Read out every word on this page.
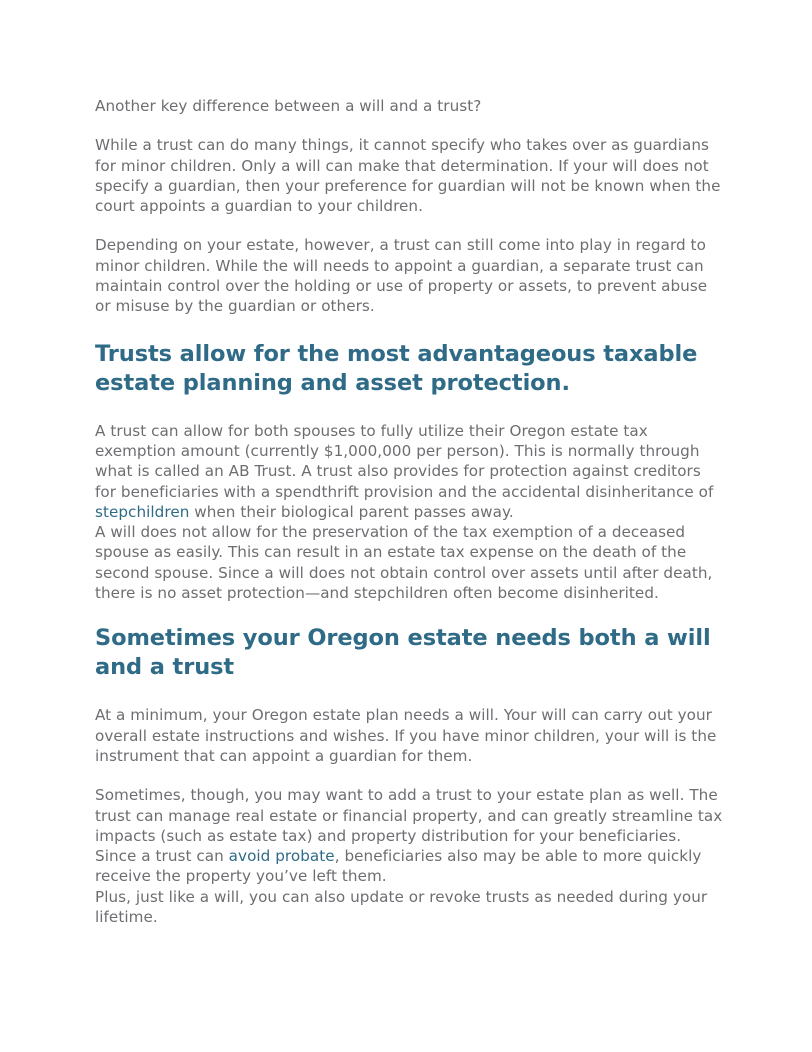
Another key difference between a will and a trust?

While a trust can do many things, it cannot specify who takes over as guardians for minor children. Only a will can make that determination. If your will does not specify a guardian, then your preference for guardian will not be known when the court appoints a guardian to your children.

Depending on your estate, however, a trust can still come into play in regard to minor children. While the will needs to appoint a guardian, a separate trust can maintain control over the holding or use of property or assets, to prevent abuse or misuse by the guardian or others.

Trusts allow for the most advantageous taxable estate planning and asset protection.

A trust can allow for both spouses to fully utilize their Oregon estate tax exemption amount (currently $1,000,000 per person). This is normally through what is called an AB Trust. A trust also provides for protection against creditors for beneficiaries with a spendthrift provision and the accidental disinheritance of stepchildren when their biological parent passes away.

A will does not allow for the preservation of the tax exemption of a deceased spouse as easily. This can result in an estate tax expense on the death of the second spouse. Since a will does not obtain control over assets until after death, there is no asset protection—and stepchildren often become disinherited.

Sometimes your Oregon estate needs both a will and a trust

At a minimum, your Oregon estate plan needs a will. Your will can carry out your overall estate instructions and wishes. If you have minor children, your will is the instrument that can appoint a guardian for them.

Sometimes, though, you may want to add a trust to your estate plan as well. The trust can manage real estate or financial property, and can greatly streamline tax impacts (such as estate tax) and property distribution for your beneficiaries. Since a trust can avoid probate, beneficiaries also may be able to more quickly receive the property you’ve left them.

Plus, just like a will, you can also update or revoke trusts as needed during your lifetime.
